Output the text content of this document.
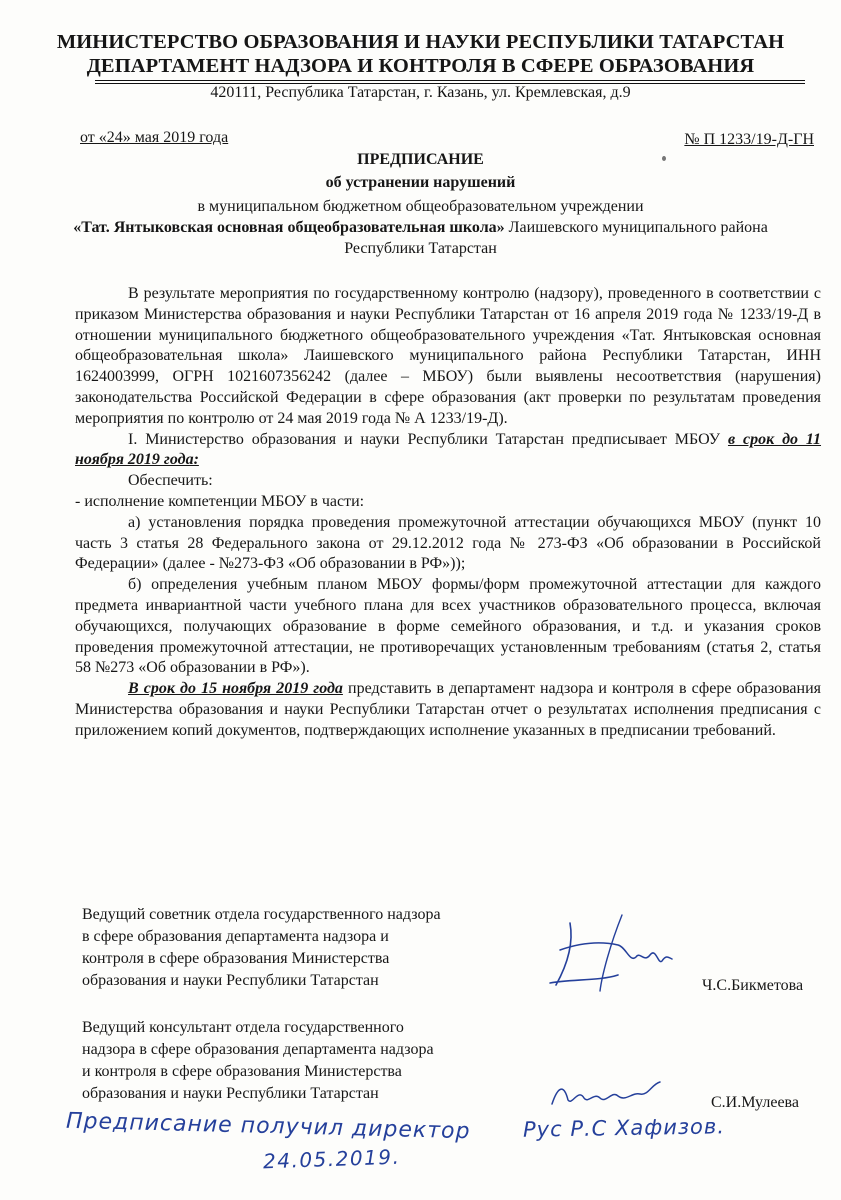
МИНИСТЕРСТВО ОБРАЗОВАНИЯ И НАУКИ РЕСПУБЛИКИ ТАТАРСТАН
ДЕПАРТАМЕНТ НАДЗОРА И КОНТРОЛЯ В СФЕРЕ ОБРАЗОВАНИЯ
420111, Республика Татарстан, г. Казань, ул. Кремлевская, д.9
от «24» мая 2019 года	№ П 1233/19-Д-ГН
ПРЕДПИСАНИЕ
об устранении нарушений
в муниципальном бюджетном общеобразовательном учреждении
«Тат. Янтыковская основная общеобразовательная школа» Лаишевского муниципального района
Республики Татарстан

В результате мероприятия по государственному контролю (надзору), проведенного в соответствии с приказом Министерства образования и науки Республики Татарстан от 16 апреля 2019 года № 1233/19-Д в отношении муниципального бюджетного общеобразовательного учреждения «Тат. Янтыковская основная общеобразовательная школа» Лаишевского муниципального района Республики Татарстан, ИНН 1624003999, ОГРН 1021607356242 (далее – МБОУ) были выявлены несоответствия (нарушения) законодательства Российской Федерации в сфере образования (акт проверки по результатам проведения мероприятия по контролю от 24 мая 2019 года № А 1233/19-Д).

I. Министерство образования и науки Республики Татарстан предписывает МБОУ в срок до 11 ноября 2019 года:

Обеспечить:

- исполнение компетенции МБОУ в части:

а) установления порядка проведения промежуточной аттестации обучающихся МБОУ (пункт 10 часть 3 статья 28 Федерального закона от 29.12.2012 года № 273-ФЗ «Об образовании в Российской Федерации» (далее - №273-ФЗ «Об образовании в РФ»));

б) определения учебным планом МБОУ формы/форм промежуточной аттестации для каждого предмета инвариантной части учебного плана для всех участников образовательного процесса, включая обучающихся, получающих образование в форме семейного образования, и т.д. и указания сроков проведения промежуточной аттестации, не противоречащих установленным требованиям (статья 2, статья 58 №273 «Об образовании в РФ»).

В срок до 15 ноября 2019 года представить в департамент надзора и контроля в сфере образования Министерства образования и науки Республики Татарстан отчет о результатах исполнения предписания с приложением копий документов, подтверждающих исполнение указанных в предписании требований.

Ведущий советник отдела государственного надзора
в сфере образования департамента надзора и
контроля в сфере образования Министерства
образования и науки Республики Татарстан	Ч.С.Бикметова
Ведущий консультант отдела государственного
надзора в сфере образования департамента надзора
и контроля в сфере образования Министерства
образования и науки Республики Татарстан
С.И.Мулеева
Предписание получил директор
24.05.2019.
Рус Р.С Хафизов.
